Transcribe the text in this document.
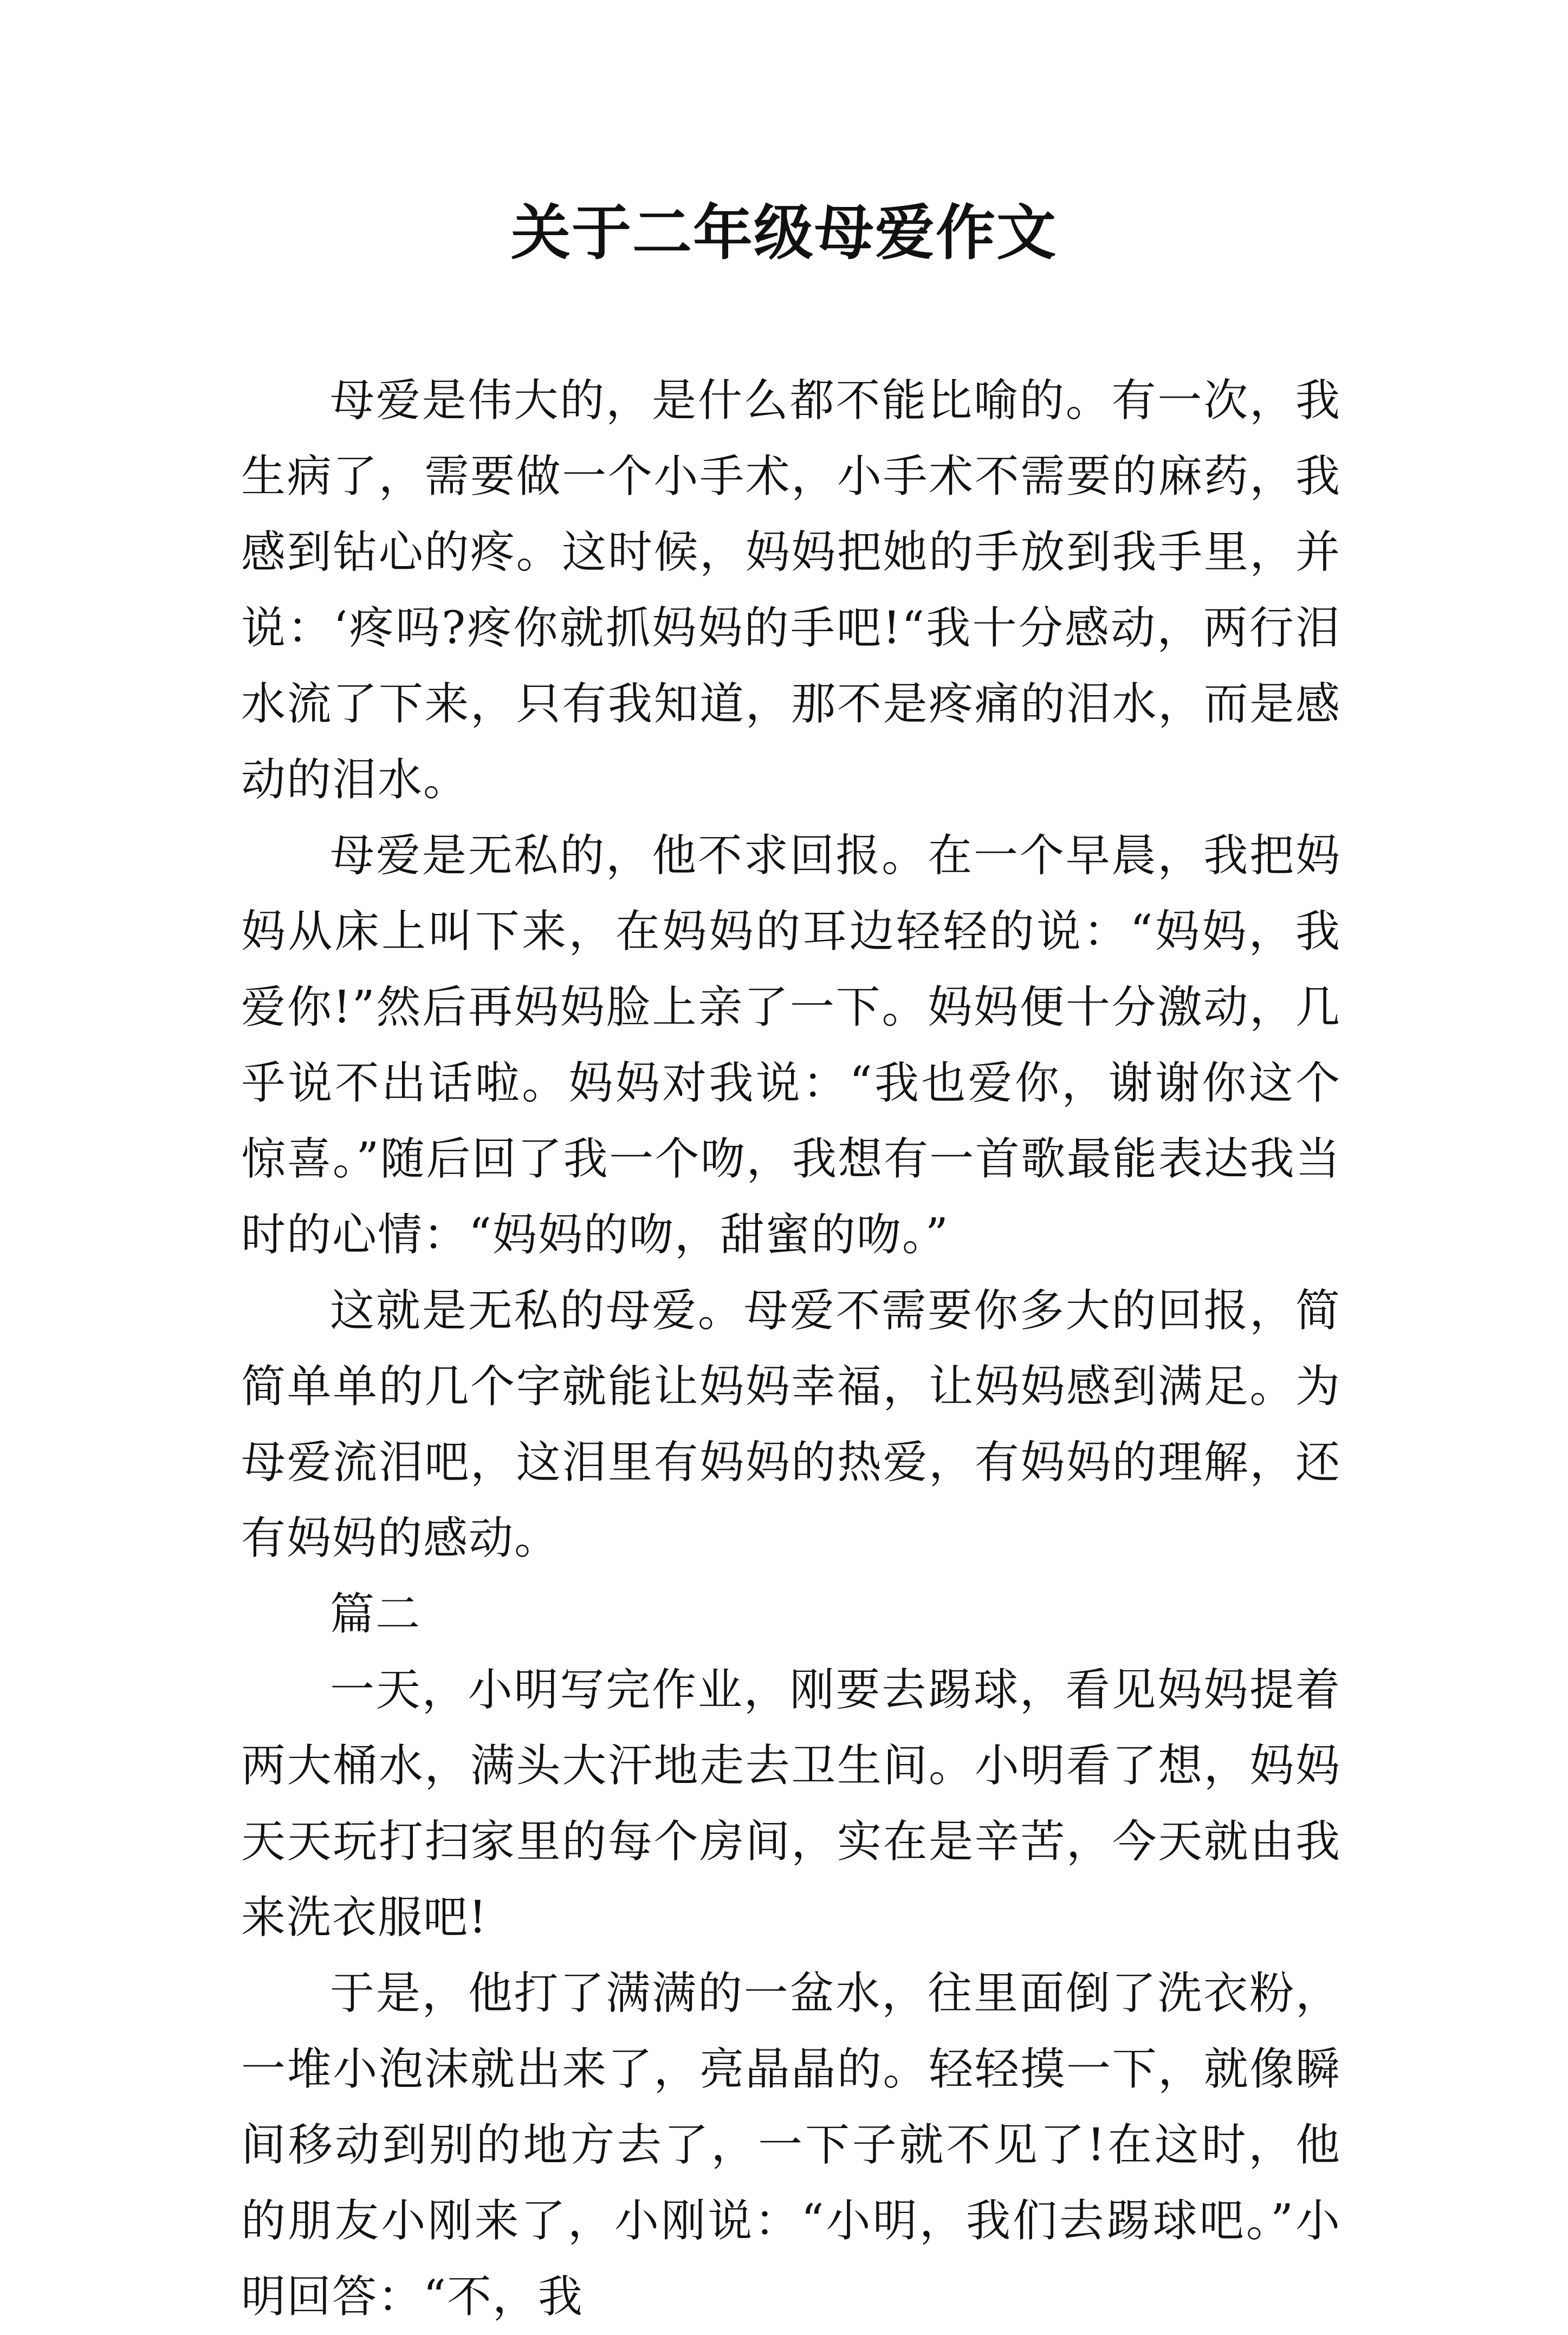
关于二年级母爱作文

母爱是伟大的，是什么都不能比喻的。有一次，我生病了，需要做一个小手术，小手术不需要的麻药，我感到钻心的疼。这时候，妈妈把她的手放到我手里，并说：‘疼吗?疼你就抓妈妈的手吧!“我十分感动，两行泪水流了下来，只有我知道，那不是疼痛的泪水，而是感动的泪水。

母爱是无私的，他不求回报。在一个早晨，我把妈妈从床上叫下来，在妈妈的耳边轻轻的说：“妈妈，我爱你!”然后再妈妈脸上亲了一下。妈妈便十分激动，几乎说不出话啦。妈妈对我说：“我也爱你，谢谢你这个惊喜。”随后回了我一个吻，我想有一首歌最能表达我当时的心情：“妈妈的吻，甜蜜的吻。”

这就是无私的母爱。母爱不需要你多大的回报，简简单单的几个字就能让妈妈幸福，让妈妈感到满足。为母爱流泪吧，这泪里有妈妈的热爱，有妈妈的理解，还有妈妈的感动。

篇二

一天，小明写完作业，刚要去踢球，看见妈妈提着两大桶水，满头大汗地走去卫生间。小明看了想，妈妈天天玩打扫家里的每个房间，实在是辛苦，今天就由我来洗衣服吧!

于是，他打了满满的一盆水，往里面倒了洗衣粉，一堆小泡沫就出来了，亮晶晶的。轻轻摸一下，就像瞬间移动到别的地方去了，一下子就不见了!在这时，他的朋友小刚来了，小刚说：“小明，我们去踢球吧。”小明回答：“不，我
